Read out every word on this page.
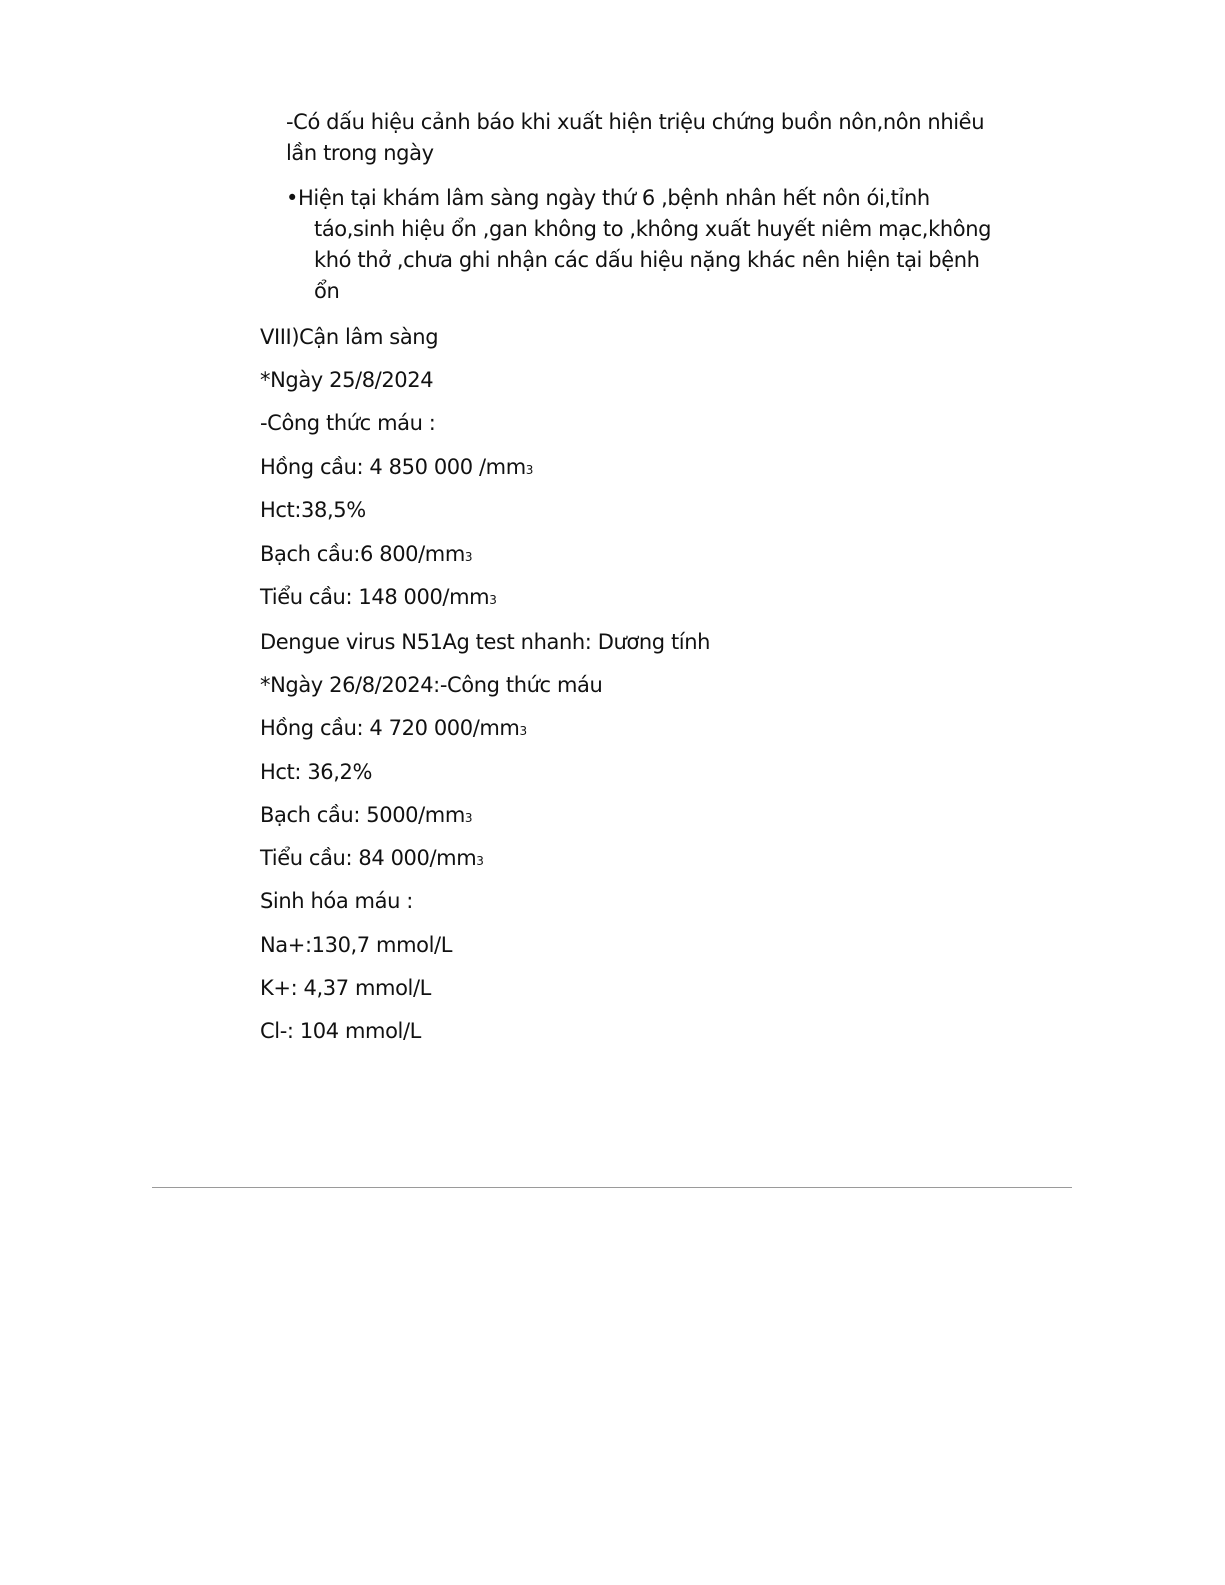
-Có dấu hiệu cảnh báo khi xuất hiện triệu chứng buồn nôn,nôn nhiều
lần trong ngày
•Hiện tại khám lâm sàng ngày thứ 6 ,bệnh nhân hết nôn ói,tỉnh
táo,sinh hiệu ổn ,gan không to ,không xuất huyết niêm mạc,không
khó thở ,chưa ghi nhận các dấu hiệu nặng khác nên hiện tại bệnh
ổn
VIII)Cận lâm sàng
*Ngày 25/8/2024
-Công thức máu :
Hồng cầu: 4 850 000 /mm3
Hct:38,5%
Bạch cầu:6 800/mm3
Tiểu cầu: 148 000/mm3
Dengue virus N51Ag test nhanh: Dương tính
*Ngày 26/8/2024:-Công thức máu
Hồng cầu: 4 720 000/mm3
Hct: 36,2%
Bạch cầu: 5000/mm3
Tiểu cầu: 84 000/mm3
Sinh hóa máu :
Na+:130,7 mmol/L
K+: 4,37 mmol/L
Cl-: 104 mmol/L
